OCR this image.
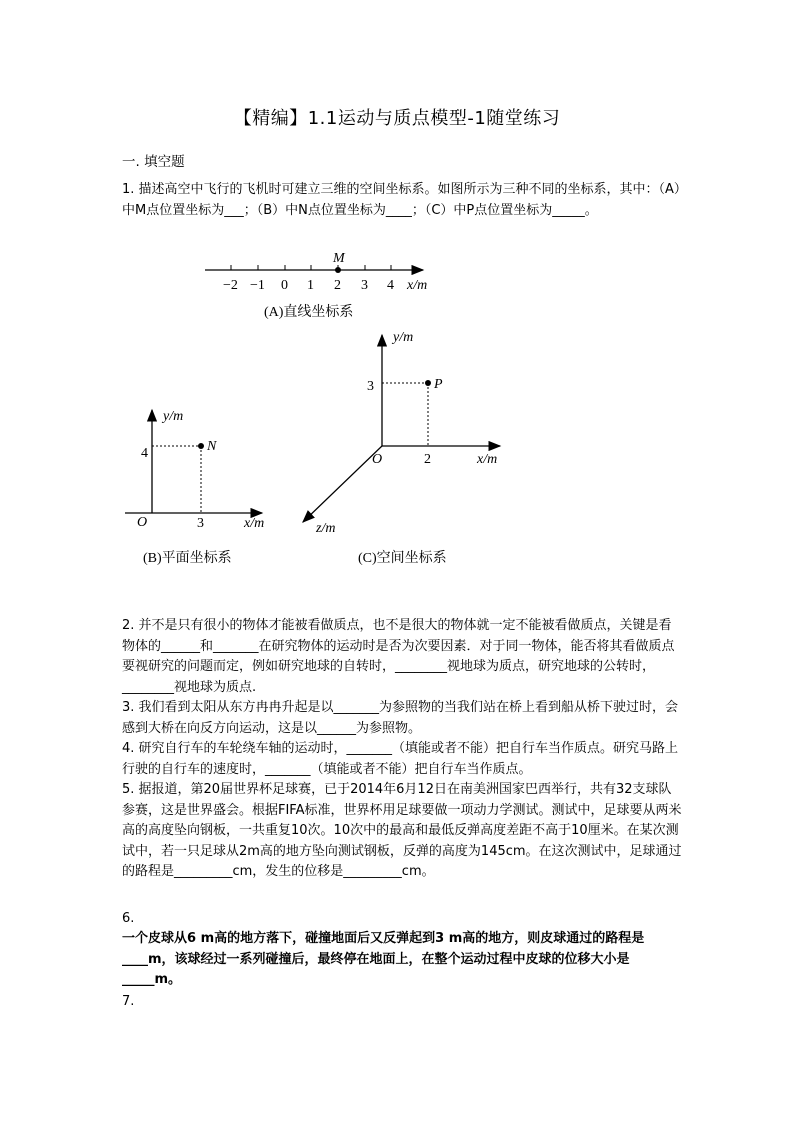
【精编】1.1运动与质点模型-1随堂练习
一. 填空题
1. 描述高空中飞行的飞机时可建立三维的空间坐标系。如图所示为三种不同的坐标系，其中：（A）中M点位置坐标为___；（B）中N点位置坐标为____；（C）中P点位置坐标为_____。
M
−2 −1 0 1 2 3 4 x/m
(A)直线坐标系
N
y/m
4
O	3	x/m
(B)平面坐标系
P
y/m
3
O	2	x/m
z/m
(C)空间坐标系
2. 并不是只有很小的物体才能被看做质点，也不是很大的物体就一定不能被看做质点，关键是看物体的______和_______在研究物体的运动时是否为次要因素．对于同一物体，能否将其看做质点要视研究的问题而定，例如研究地球的自转时，________视地球为质点，研究地球的公转时，________视地球为质点.
3. 我们看到太阳从东方冉冉升起是以_______为参照物的当我们站在桥上看到船从桥下驶过时，会感到大桥在向反方向运动，这是以______为参照物。
4. 研究自行车的车轮绕车轴的运动时，_______（填能或者不能）把自行车当作质点。研究马路上行驶的自行车的速度时，_______（填能或者不能）把自行车当作质点。
5. 据报道，第20届世界杯足球赛，已于2014年6月12日在南美洲国家巴西举行，共有32支球队参赛，这是世界盛会。根据FIFA标准，世界杯用足球要做一项动力学测试。测试中，足球要从两米高的高度坠向钢板，一共重复10次。10次中的最高和最低反弹高度差距不高于10厘米。在某次测试中，若一只足球从2m高的地方坠向测试钢板，反弹的高度为145cm。在这次测试中，足球通过的路程是_________cm，发生的位移是_________cm。
6.
一个皮球从6 m高的地方落下，碰撞地面后又反弹起到3 m高的地方，则皮球通过的路程是____m，该球经过一系列碰撞后，最终停在地面上，在整个运动过程中皮球的位移大小是_____m。
7.
